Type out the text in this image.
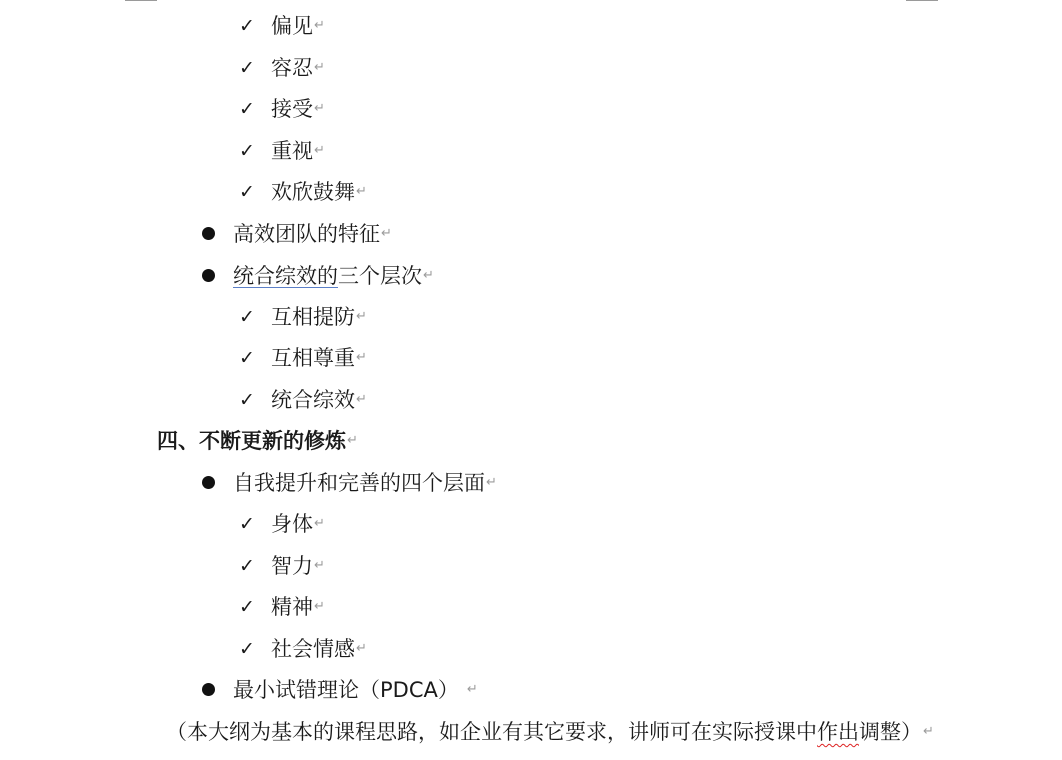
✓ 偏见↵
✓ 容忍↵
✓ 接受↵
✓ 重视↵
✓ 欢欣鼓舞↵
高效团队的特征↵
统合综效的三个层次↵
✓ 互相提防↵
✓ 互相尊重↵
✓ 统合综效↵
四、不断更新的修炼↵
自我提升和完善的四个层面↵
✓ 身体↵
✓ 智力↵
✓ 精神↵
✓ 社会情感↵
最小试错理论（PDCA） ↵
（本大纲为基本的课程思路，如企业有其它要求，讲师可在实际授课中作出调整）↵
